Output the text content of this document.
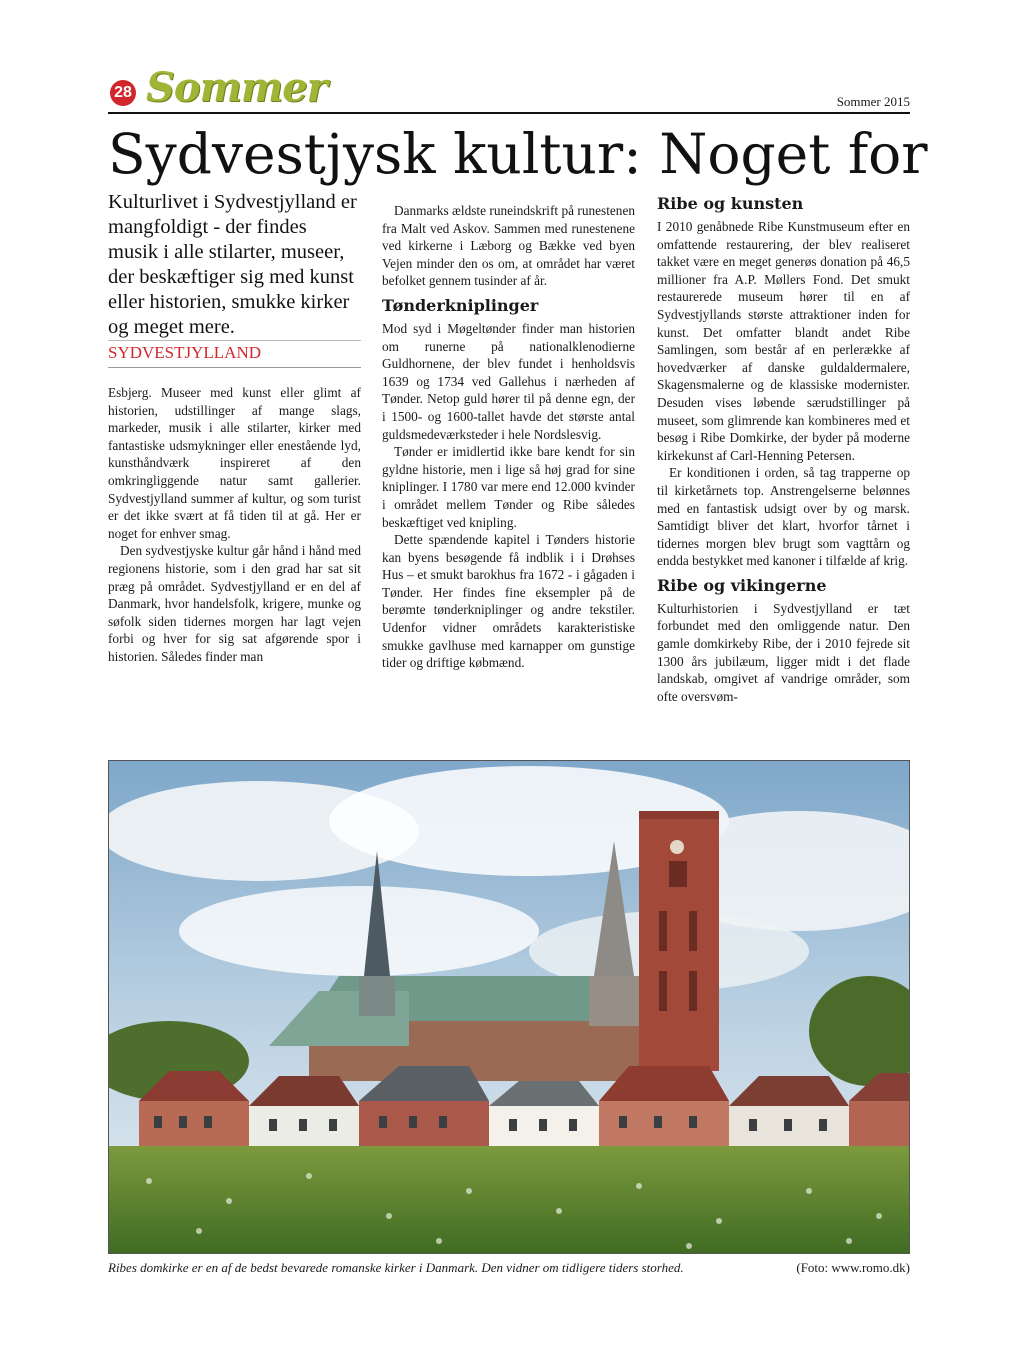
28 Sommer	Sommer 2015
Sydvestjysk kultur: Noget for

Kulturlivet i Sydvestjylland er mangfoldigt - der findes musik i alle stilarter, museer, der beskæftiger sig med kunst eller historien, smukke kirker og meget mere.

SYDVESTJYLLAND

Esbjerg. Museer med kunst eller glimt af historien, udstillinger af mange slags, markeder, musik i alle stilarter, kirker med fantastiske udsmykninger eller enestående lyd, kunsthåndværk inspireret af den omkringliggende natur samt gallerier. Sydvestjylland summer af kultur, og som turist er det ikke svært at få tiden til at gå. Her er noget for enhver smag.

Den sydvestjyske kultur går hånd i hånd med regionens historie, som i den grad har sat sit præg på området. Sydvestjylland er en del af Danmark, hvor handelsfolk, krigere, munke og søfolk siden tidernes morgen har lagt vejen forbi og hver for sig sat afgørende spor i historien. Således finder man

Danmarks ældste runeindskrift på runestenen fra Malt ved Askov. Sammen med runestenene ved kirkerne i Læborg og Bække ved byen Vejen minder den os om, at området har været befolket gennem tusinder af år.

Tønderkniplinger

Mod syd i Møgeltønder finder man historien om runerne på nationalklenodierne Guldhornene, der blev fundet i henholdsvis 1639 og 1734 ved Gallehus i nærheden af Tønder. Netop guld hører til på denne egn, der i 1500- og 1600-tallet havde det største antal guldsmedeværksteder i hele Nordslesvig.

Tønder er imidlertid ikke bare kendt for sin gyldne historie, men i lige så høj grad for sine kniplinger. I 1780 var mere end 12.000 kvinder i området mellem Tønder og Ribe således beskæftiget ved knipling.

Dette spændende kapitel i Tønders historie kan byens besøgende få indblik i i Drøhses Hus – et smukt barokhus fra 1672 - i gågaden i Tønder. Her findes fine eksempler på de berømte tønderkniplinger og andre tekstiler. Udenfor vidner områdets karakteristiske smukke gavlhuse med karnapper om gunstige tider og driftige købmænd.

Ribe og kunsten

I 2010 genåbnede Ribe Kunstmuseum efter en omfattende restaurering, der blev realiseret takket være en meget generøs donation på 46,5 millioner fra A.P. Møllers Fond. Det smukt restaurerede museum hører til en af Sydvestjyllands største attraktioner inden for kunst. Det omfatter blandt andet Ribe Samlingen, som består af en perlerække af hovedværker af danske guldaldermalere, Skagensmalerne og de klassiske modernister. Desuden vises løbende særudstillinger på museet, som glimrende kan kombineres med et besøg i Ribe Domkirke, der byder på moderne kirkekunst af Carl-Henning Petersen.

Er konditionen i orden, så tag trapperne op til kirketårnets top. Anstrengelserne belønnes med en fantastisk udsigt over by og marsk. Samtidigt bliver det klart, hvorfor tårnet i tidernes morgen blev brugt som vagttårn og endda bestykket med kanoner i tilfælde af krig.

Ribe og vikingerne

Kulturhistorien i Sydvestjylland er tæt forbundet med den omliggende natur. Den gamle domkirkeby Ribe, der i 2010 fejrede sit 1300 års jubilæum, ligger midt i det flade landskab, omgivet af vandrige områder, som ofte oversvøm-

Ribes domkirke er en af de bedst bevarede romanske kirker i Danmark. Den vidner om tidligere tiders storhed.	(Foto: www.romo.dk)
